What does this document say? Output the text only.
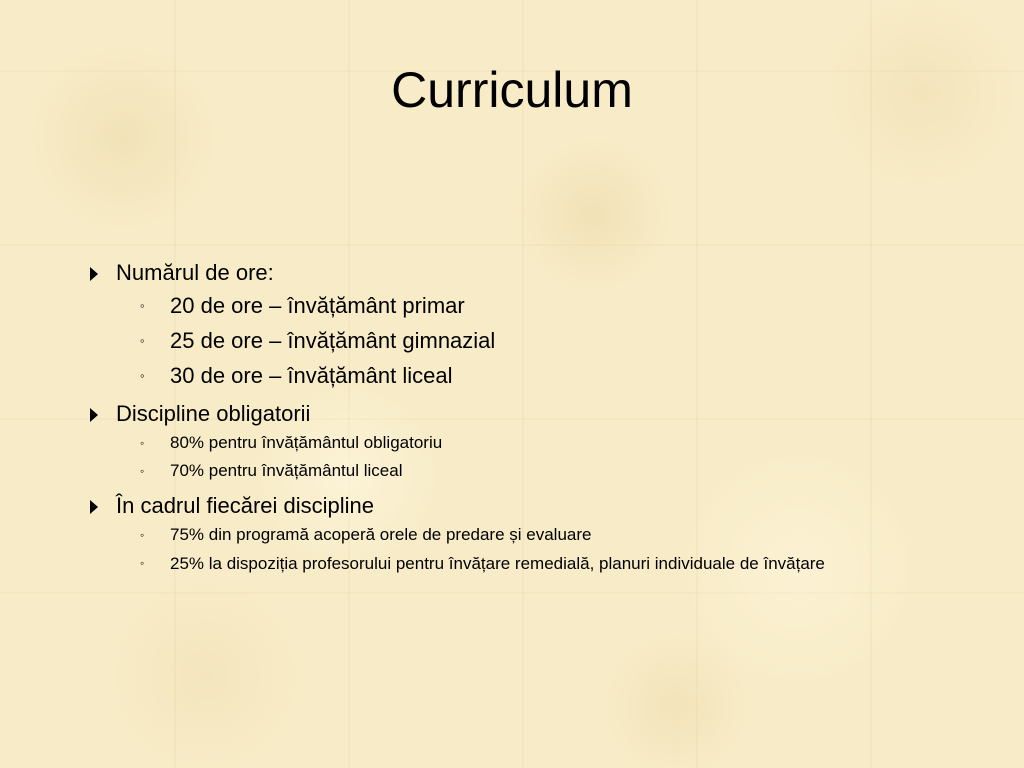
Curriculum
Numărul de ore:
◦ 20 de ore – învățământ primar
◦ 25 de ore – învățământ gimnazial
◦ 30 de ore – învățământ liceal
Discipline obligatorii
◦ 80% pentru învățământul obligatoriu
◦ 70% pentru învățământul liceal
În cadrul fiecărei discipline
◦ 75% din programă acoperă orele de predare și evaluare
◦ 25% la dispoziția profesorului pentru învățare remedială, planuri individuale de învățare
